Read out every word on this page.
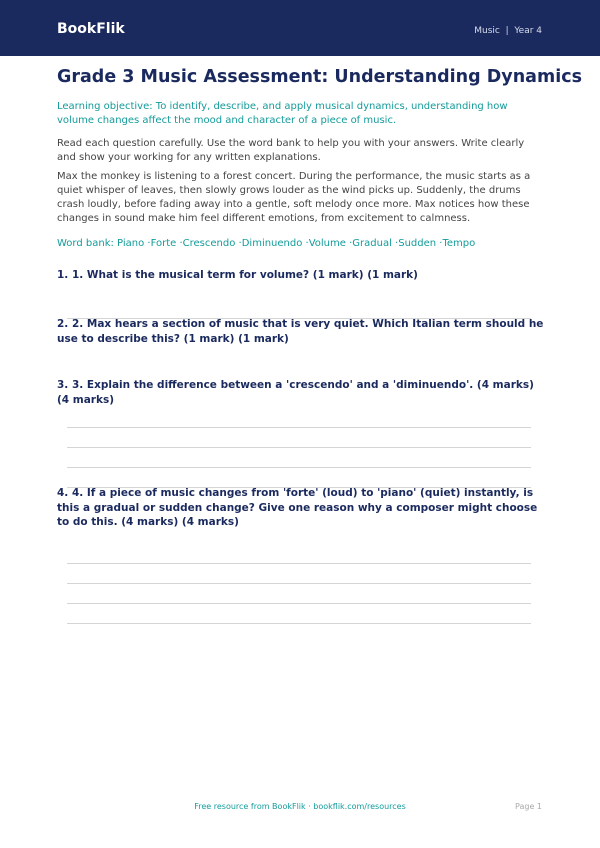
BookFlik	Music  |  Year 4
Grade 3 Music Assessment: Understanding Dynamics

Learning objective: To identify, describe, and apply musical dynamics, understanding how volume changes affect the mood and character of a piece of music.

Read each question carefully. Use the word bank to help you with your answers. Write clearly and show your working for any written explanations.

Max the monkey is listening to a forest concert. During the performance, the music starts as a quiet whisper of leaves, then slowly grows louder as the wind picks up. Suddenly, the drums crash loudly, before fading away into a gentle, soft melody once more. Max notices how these changes in sound make him feel different emotions, from excitement to calmness.

Word bank: Piano · Forte · Crescendo · Diminuendo · Volume · Gradual · Sudden · Tempo

1. 1. What is the musical term for volume? (1 mark) (1 mark)

2. 2. Max hears a section of music that is very quiet. Which Italian term should he use to describe this? (1 mark) (1 mark)

3. 3. Explain the difference between a 'crescendo' and a 'diminuendo'. (4 marks) (4 marks)

4. 4. If a piece of music changes from 'forte' (loud) to 'piano' (quiet) instantly, is this a gradual or sudden change? Give one reason why a composer might choose to do this. (4 marks) (4 marks)

Free resource from BookFlik · bookflik.com/resources	Page 1
